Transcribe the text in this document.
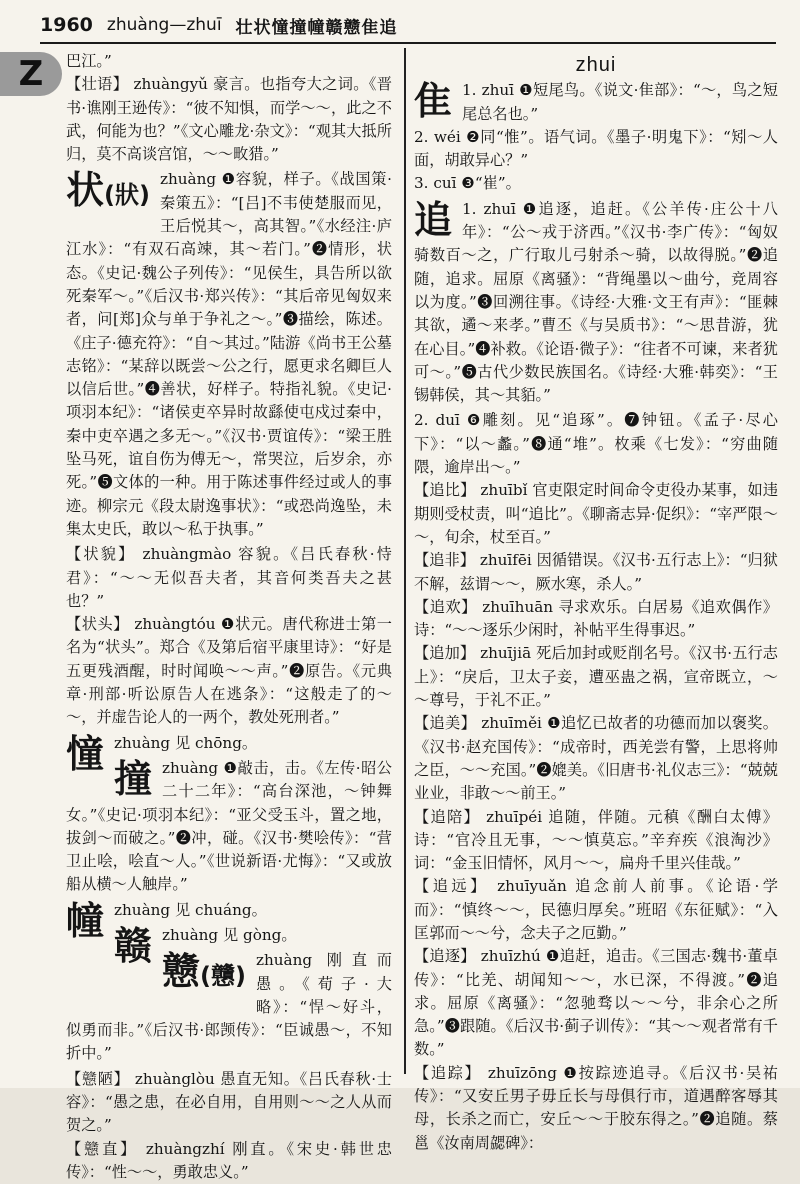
1960 zhuàng—zhuī 壮状憧撞幢赣戆隹追
Z	巴江。”

【壮语】 zhuàngyǔ 豪言。也指夸大之词。《晋书·谯刚王逊传》：“彼不知惧，而学～～，此之不武，何能为也？”《文心雕龙·杂文》：“观其大抵所归，莫不高谈宫馆，～～畋猎。”

状(狀)
zhuàng ❶容貌，样子。《战国策·秦策五》：“[吕]不韦使楚服而见，王后悦其～，高其智。”《水经注·庐江水》：“有双石高竦，其～若门。”❷情形，状态。《史记·魏公子列传》：“见侯生，具告所以欲死秦军～。”《后汉书·郑兴传》：“其后帝见匈奴来者，问[郑]众与单于争礼之～。”❸描绘，陈述。《庄子·德充符》：“自～其过。”陆游《尚书王公墓志铭》：“某辞以既尝～公之行，愿更求名卿巨人以信后世。”❹善状，好样子。特指礼貌。《史记·项羽本纪》：“诸侯吏卒异时故繇使屯戍过秦中，秦中吏卒遇之多无～。”《汉书·贾谊传》：“梁王胜坠马死，谊自伤为傅无～，常哭泣，后岁余，亦死。”❺文体的一种。用于陈述事件经过或人的事迹。柳宗元《段太尉逸事状》：“或恐尚逸坠，未集太史氏，敢以～私于执事。”

【状貌】 zhuàngmào 容貌。《吕氏春秋·恃君》：“～～无似吾夫者，其音何类吾夫之甚也？”

【状头】 zhuàngtóu ❶状元。唐代称进士第一名为“状头”。郑合《及第后宿平康里诗》：“好是五更残酒醒，时时闻唤～～声。”❷原告。《元典章·刑部·听讼原告人在逃条》：“这般走了的～～，并虚告论人的一两个，教处死刑者。”

憧 zhuàng 见 chōng。
撞 zhuàng ❶敲击，击。《左传·昭公二十二年》：“高台深池，～钟舞女。”《史记·项羽本纪》：“亚父受玉斗，置之地，拔剑～而破之。”❷冲，碰。《汉书·樊哙传》：“营卫止哙，哙直～人。”《世说新语·尤悔》：“又或放船从横～人触岸。”
幢 zhuàng 见 chuáng。
赣 zhuàng 见 gòng。
戆(戇)
zhuàng 刚直而愚。《荀子·大略》：“悍～好斗，似勇而非。”《后汉书·郎𫖮传》：“臣诚愚～，不知折中。”

【戆陋】 zhuànglòu 愚直无知。《吕氏春秋·士容》：“愚之患，在必自用，自用则～～之人从而贺之。”

【戆直】 zhuàngzhí 刚直。《宋史·韩世忠传》：“性～～，勇敢忠义。”

zhui
隹 1. zhuī ❶短尾鸟。《说文·隹部》：“～，鸟之短尾总名也。”
2. wéi ❷同“惟”。语气词。《墨子·明鬼下》：“矧～人面，胡敢异心？”
3. cuī ❸“崔”。
追 1. zhuī ❶追逐，追赶。《公羊传·庄公十八年》：“公～戎于济西。”《汉书·李广传》：“匈奴骑数百～之，广行取儿弓射杀～骑，以故得脱。”❷追随，追求。屈原《离骚》：“背绳墨以～曲兮，竞周容以为度。”❸回溯往事。《诗经·大雅·文王有声》：“匪棘其欲，遹～来孝。”曹丕《与吴质书》：“～思昔游，犹在心目。”❹补救。《论语·微子》：“往者不可谏，来者犹可～。”❺古代少数民族国名。《诗经·大雅·韩奕》：“王锡韩侯，其～其貊。”

2. duī ❻雕刻。见“追琢”。❼钟钮。《孟子·尽心下》：“以～蠡。”❽通“堆”。枚乘《七发》：“穷曲随隈，逾岸出～。”

【追比】 zhuībǐ 官吏限定时间命令吏役办某事，如违期则受杖责，叫“追比”。《聊斋志异·促织》：“宰严限～～，旬余，杖至百。”

【追非】 zhuīfēi 因循错误。《汉书·五行志上》：“归狱不解，兹谓～～，厥水寒，杀人。”

【追欢】 zhuīhuān 寻求欢乐。白居易《追欢偶作》诗：“～～逐乐少闲时，补帖平生得事迟。”

【追加】 zhuījiā 死后加封或贬削名号。《汉书·五行志上》：“戾后，卫太子妾，遭巫蛊之祸，宣帝既立，～～尊号，于礼不正。”

【追美】 zhuīměi ❶追忆已故者的功德而加以褒奖。《汉书·赵充国传》：“成帝时，西羌尝有警，上思将帅之臣，～～充国。”❷媲美。《旧唐书·礼仪志三》：“兢兢业业，非敢～～前王。”

【追陪】 zhuīpéi 追随，伴随。元稹《酬白太傅》诗：“官冷且无事，～～慎莫忘。”辛弃疾《浪淘沙》词：“金玉旧情怀，风月～～，扁舟千里兴佳哉。”

【追远】 zhuīyuǎn 追念前人前事。《论语·学而》：“慎终～～，民德归厚矣。”班昭《东征赋》：“入匡郭而～～兮，念夫子之厄勤。”

【追逐】 zhuīzhú ❶追赶，追击。《三国志·魏书·董卓传》：“比羌、胡闻知～～，水已深，不得渡。”❷追求。屈原《离骚》：“忽驰骛以～～兮，非余心之所急。”❸跟随。《后汉书·蓟子训传》：“其～～观者常有千数。”

【追踪】 zhuīzōng ❶按踪迹追寻。《后汉书·吴祐传》：“又安丘男子毋丘长与母俱行市，道遇醉客辱其母，长杀之而亡，安丘～～于胶东得之。”❷追随。蔡邕《汝南周勰碑》：
